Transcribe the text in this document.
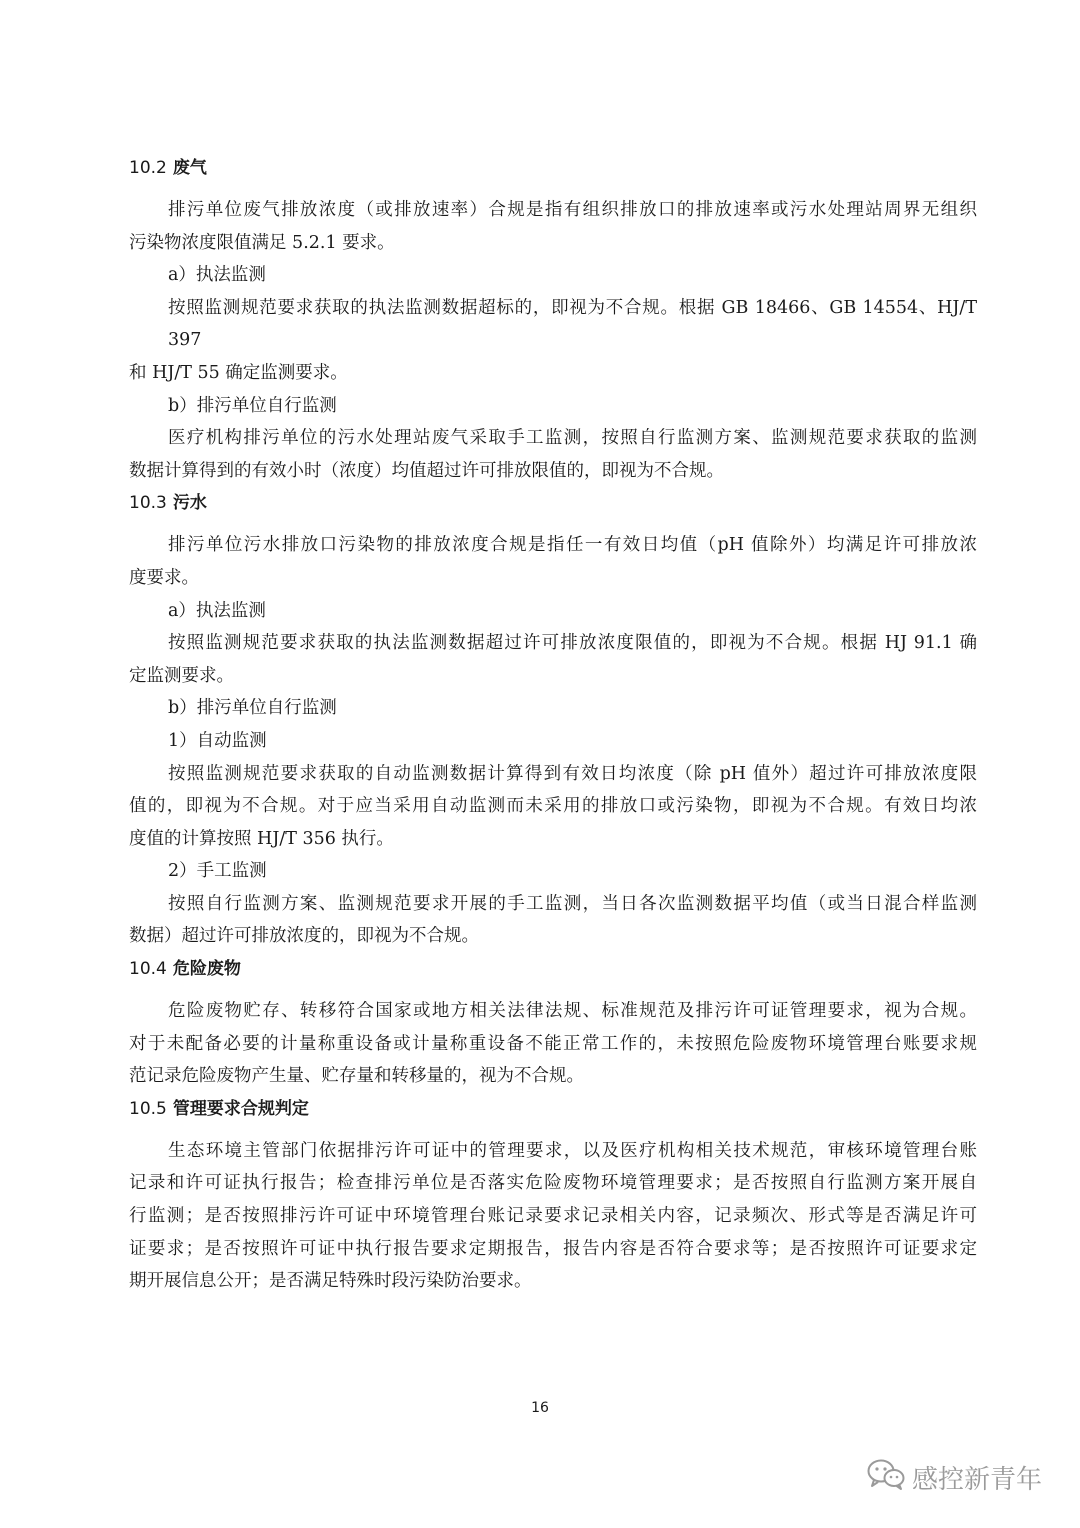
10.2 废气
排污单位废气排放浓度（或排放速率）合规是指有组织排放口的排放速率或污水处理站周界无组织
污染物浓度限值满足 5.2.1 要求。
a）执法监测
按照监测规范要求获取的执法监测数据超标的，即视为不合规。根据 GB 18466、GB 14554、HJ/T 397
和 HJ/T 55 确定监测要求。
b）排污单位自行监测
医疗机构排污单位的污水处理站废气采取手工监测，按照自行监测方案、监测规范要求获取的监测
数据计算得到的有效小时（浓度）均值超过许可排放限值的，即视为不合规。
10.3 污水
排污单位污水排放口污染物的排放浓度合规是指任一有效日均值（pH 值除外）均满足许可排放浓
度要求。
a）执法监测
按照监测规范要求获取的执法监测数据超过许可排放浓度限值的，即视为不合规。根据 HJ 91.1 确
定监测要求。
b）排污单位自行监测
1）自动监测
按照监测规范要求获取的自动监测数据计算得到有效日均浓度（除 pH 值外）超过许可排放浓度限
值的，即视为不合规。对于应当采用自动监测而未采用的排放口或污染物，即视为不合规。有效日均浓
度值的计算按照 HJ/T 356 执行。
2）手工监测
按照自行监测方案、监测规范要求开展的手工监测，当日各次监测数据平均值（或当日混合样监测
数据）超过许可排放浓度的，即视为不合规。
10.4 危险废物
危险废物贮存、转移符合国家或地方相关法律法规、标准规范及排污许可证管理要求，视为合规。
对于未配备必要的计量称重设备或计量称重设备不能正常工作的，未按照危险废物环境管理台账要求规
范记录危险废物产生量、贮存量和转移量的，视为不合规。
10.5 管理要求合规判定
生态环境主管部门依据排污许可证中的管理要求，以及医疗机构相关技术规范，审核环境管理台账
记录和许可证执行报告；检查排污单位是否落实危险废物环境管理要求；是否按照自行监测方案开展自
行监测；是否按照排污许可证中环境管理台账记录要求记录相关内容，记录频次、形式等是否满足许可
证要求；是否按照许可证中执行报告要求定期报告，报告内容是否符合要求等；是否按照许可证要求定
期开展信息公开；是否满足特殊时段污染防治要求。
16
感控新青年
